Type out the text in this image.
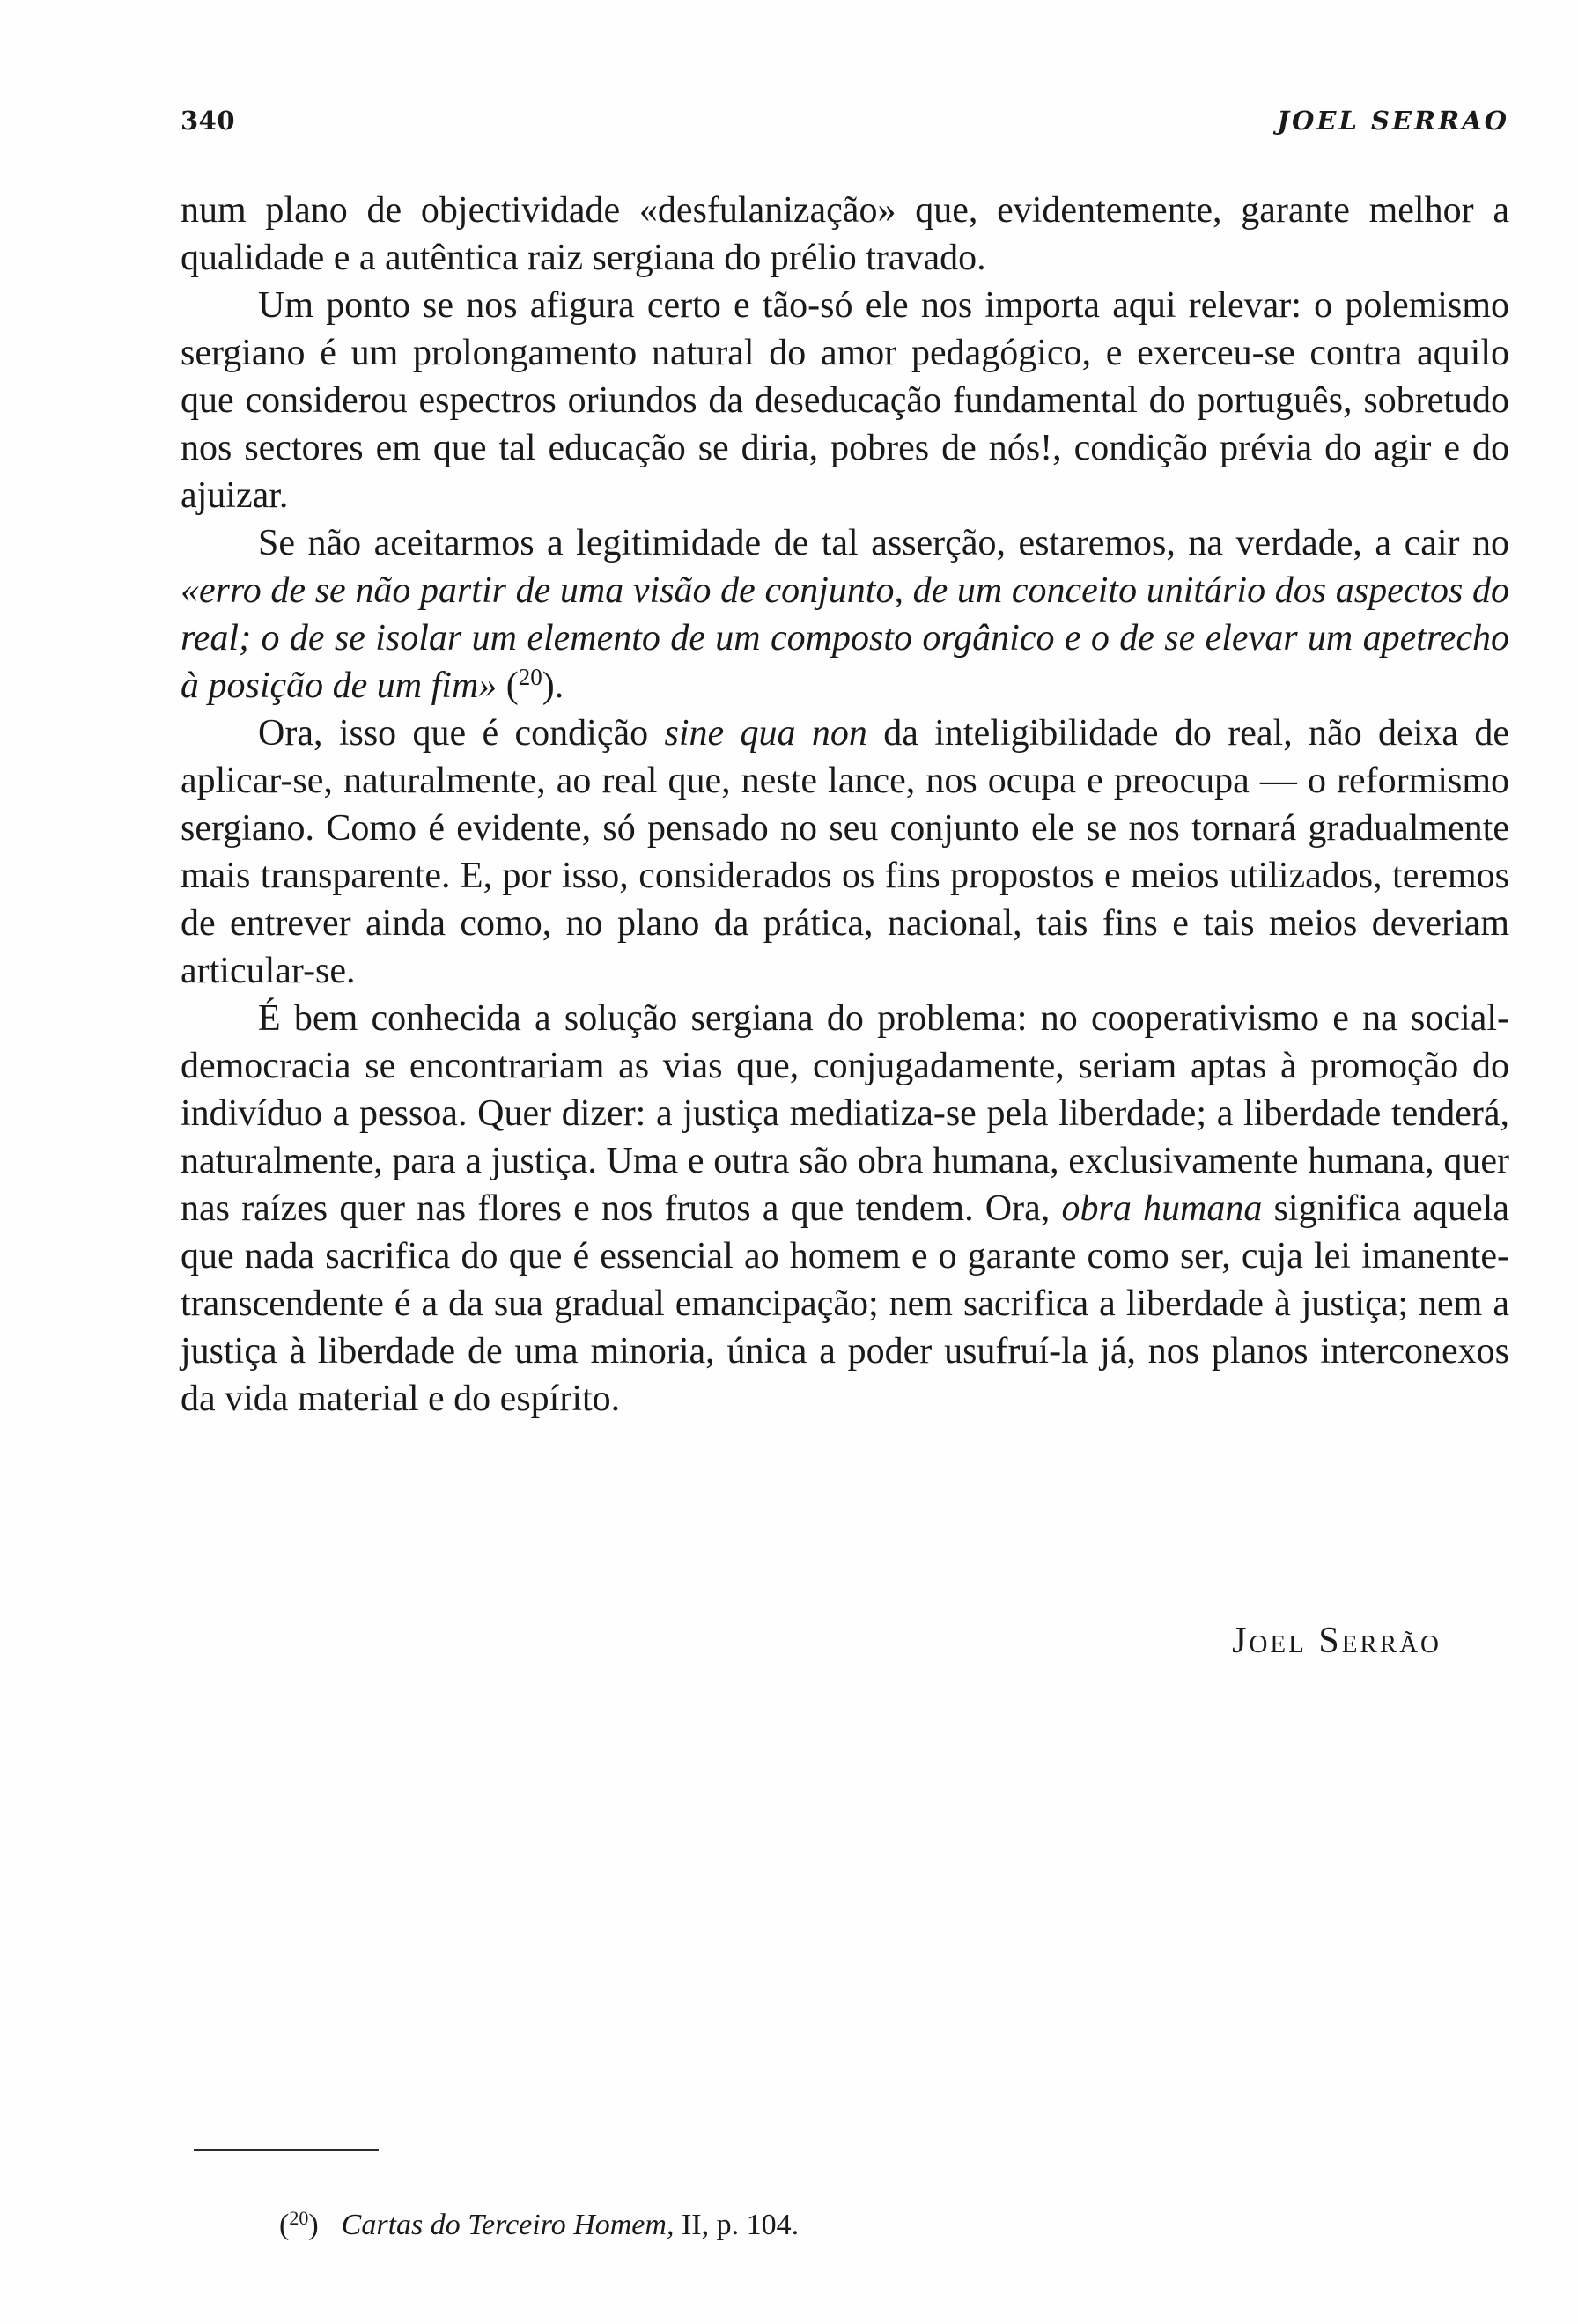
340	JOEL SERRAO

num plano de objectividade «desfulanização» que, evidentemente, garante melhor a qualidade e a autêntica raiz sergiana do prélio travado.

Um ponto se nos afigura certo e tão-só ele nos importa aqui relevar: o polemismo sergiano é um prolongamento natural do amor pedagógico, e exerceu-se contra aquilo que considerou espectros oriundos da deseducação fundamental do português, sobretudo nos sectores em que tal educação se diria, pobres de nós!, condição prévia do agir e do ajuizar.

Se não aceitarmos a legitimidade de tal asserção, estaremos, na verdade, a cair no «erro de se não partir de uma visão de conjunto, de um conceito unitário dos aspectos do real; o de se isolar um elemento de um composto orgânico e o de se elevar um apetrecho à posição de um fim» ($^{20}$).

Ora, isso que é condição sine qua non da inteligibilidade do real, não deixa de aplicar-se, naturalmente, ao real que, neste lance, nos ocupa e preocupa — o reformismo sergiano. Como é evidente, só pensado no seu conjunto ele se nos tornará gradualmente mais transparente. E, por isso, considerados os fins propostos e meios utilizados, teremos de entrever ainda como, no plano da prática, nacional, tais fins e tais meios deveriam articular-se.

É bem conhecida a solução sergiana do problema: no cooperativismo e na social-democracia se encontrariam as vias que, conjugadamente, seriam aptas à promoção do indivíduo a pessoa. Quer dizer: a justiça mediatiza-se pela liberdade; a liberdade tenderá, naturalmente, para a justiça. Uma e outra são obra humana, exclusivamente humana, quer nas raízes quer nas flores e nos frutos a que tendem. Ora, obra humana significa aquela que nada sacrifica do que é essencial ao homem e o garante como ser, cuja lei imanente-transcendente é a da sua gradual emancipação; nem sacrifica a liberdade à justiça; nem a justiça à liberdade de uma minoria, única a poder usufruí-la já, nos planos interconexos da vida material e do espírito.

Joel Serrão
($^{20}$) Cartas do Terceiro Homem, II, p. 104.
